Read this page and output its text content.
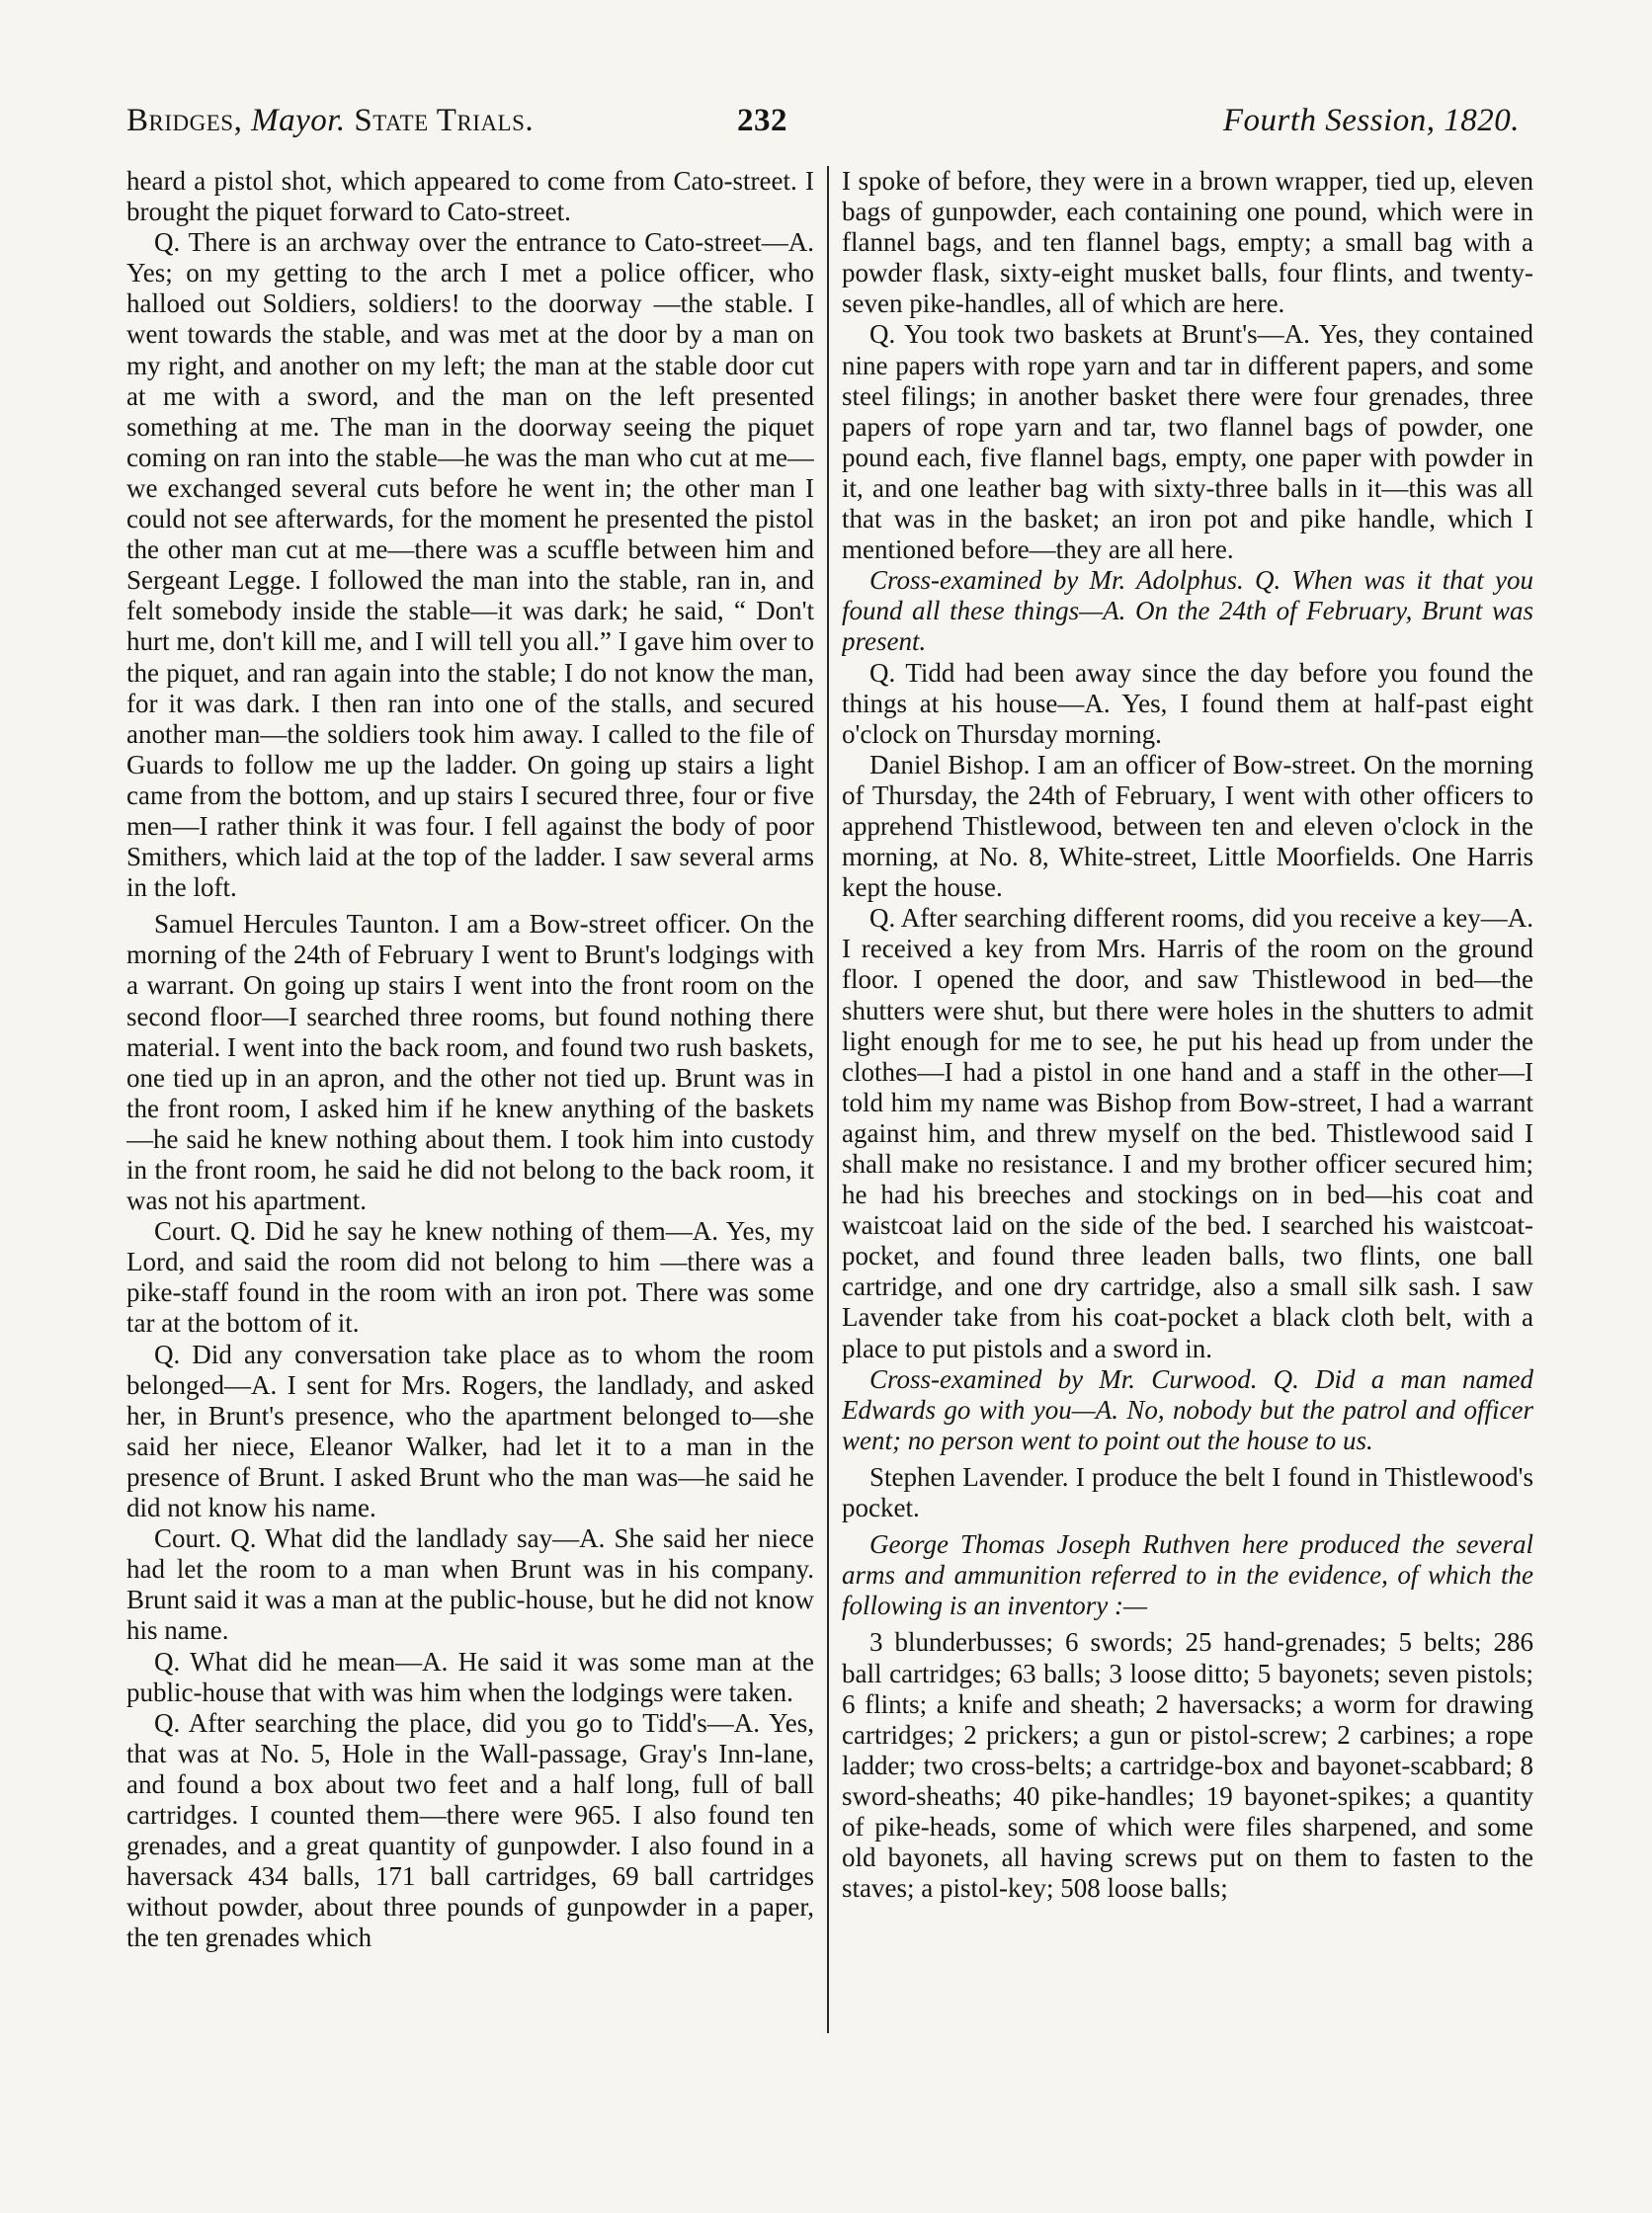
Bridges, Mayor. State Trials.	232	Fourth Session, 1820.

heard a pistol shot, which appeared to come from Cato-street. I brought the piquet forward to Cato-street.

Q. There is an archway over the entrance to Cato-street—A. Yes; on my getting to the arch I met a police officer, who halloed out Soldiers, soldiers! to the doorway —the stable. I went towards the stable, and was met at the door by a man on my right, and another on my left; the man at the stable door cut at me with a sword, and the man on the left presented something at me. The man in the doorway seeing the piquet coming on ran into the stable—he was the man who cut at me—we exchanged several cuts before he went in; the other man I could not see afterwards, for the moment he presented the pistol the other man cut at me—there was a scuffle between him and Sergeant Legge. I followed the man into the stable, ran in, and felt somebody inside the stable—it was dark; he said, “ Don't hurt me, don't kill me, and I will tell you all.” I gave him over to the piquet, and ran again into the stable; I do not know the man, for it was dark. I then ran into one of the stalls, and secured another man—the soldiers took him away. I called to the file of Guards to follow me up the ladder. On going up stairs a light came from the bottom, and up stairs I secured three, four or five men—I rather think it was four. I fell against the body of poor Smithers, which laid at the top of the ladder. I saw several arms in the loft.

Samuel Hercules Taunton. I am a Bow-street officer. On the morning of the 24th of February I went to Brunt's lodgings with a warrant. On going up stairs I went into the front room on the second floor—I searched three rooms, but found nothing there material. I went into the back room, and found two rush baskets, one tied up in an apron, and the other not tied up. Brunt was in the front room, I asked him if he knew anything of the baskets—he said he knew nothing about them. I took him into custody in the front room, he said he did not belong to the back room, it was not his apartment.

Court. Q. Did he say he knew nothing of them—A. Yes, my Lord, and said the room did not belong to him —there was a pike-staff found in the room with an iron pot. There was some tar at the bottom of it.

Q. Did any conversation take place as to whom the room belonged—A. I sent for Mrs. Rogers, the landlady, and asked her, in Brunt's presence, who the apartment belonged to—she said her niece, Eleanor Walker, had let it to a man in the presence of Brunt. I asked Brunt who the man was—he said he did not know his name.

Court. Q. What did the landlady say—A. She said her niece had let the room to a man when Brunt was in his company. Brunt said it was a man at the public-house, but he did not know his name.

Q. What did he mean—A. He said it was some man at the public-house that with was him when the lodgings were taken.

Q. After searching the place, did you go to Tidd's—A. Yes, that was at No. 5, Hole in the Wall-passage, Gray's Inn-lane, and found a box about two feet and a half long, full of ball cartridges. I counted them—there were 965. I also found ten grenades, and a great quantity of gunpowder. I also found in a haversack 434 balls, 171 ball cartridges, 69 ball cartridges without powder, about three pounds of gunpowder in a paper, the ten grenades which

I spoke of before, they were in a brown wrapper, tied up, eleven bags of gunpowder, each containing one pound, which were in flannel bags, and ten flannel bags, empty; a small bag with a powder flask, sixty-eight musket balls, four flints, and twenty-seven pike-handles, all of which are here.

Q. You took two baskets at Brunt's—A. Yes, they contained nine papers with rope yarn and tar in different papers, and some steel filings; in another basket there were four grenades, three papers of rope yarn and tar, two flannel bags of powder, one pound each, five flannel bags, empty, one paper with powder in it, and one leather bag with sixty-three balls in it—this was all that was in the basket; an iron pot and pike handle, which I mentioned before—they are all here.

Cross-examined by Mr. Adolphus. Q. When was it that you found all these things—A. On the 24th of February, Brunt was present.

Q. Tidd had been away since the day before you found the things at his house—A. Yes, I found them at half-past eight o'clock on Thursday morning.

Daniel Bishop. I am an officer of Bow-street. On the morning of Thursday, the 24th of February, I went with other officers to apprehend Thistlewood, between ten and eleven o'clock in the morning, at No. 8, White-street, Little Moorfields. One Harris kept the house.

Q. After searching different rooms, did you receive a key—A. I received a key from Mrs. Harris of the room on the ground floor. I opened the door, and saw Thistlewood in bed—the shutters were shut, but there were holes in the shutters to admit light enough for me to see, he put his head up from under the clothes—I had a pistol in one hand and a staff in the other—I told him my name was Bishop from Bow-street, I had a warrant against him, and threw myself on the bed. Thistlewood said I shall make no resistance. I and my brother officer secured him; he had his breeches and stockings on in bed—his coat and waistcoat laid on the side of the bed. I searched his waistcoat-pocket, and found three leaden balls, two flints, one ball cartridge, and one dry cartridge, also a small silk sash. I saw Lavender take from his coat-pocket a black cloth belt, with a place to put pistols and a sword in.

Cross-examined by Mr. Curwood. Q. Did a man named Edwards go with you—A. No, nobody but the patrol and officer went; no person went to point out the house to us.

Stephen Lavender. I produce the belt I found in Thistlewood's pocket.

George Thomas Joseph Ruthven here produced the several arms and ammunition referred to in the evidence, of which the following is an inventory :—

3 blunderbusses; 6 swords; 25 hand-grenades; 5 belts; 286 ball cartridges; 63 balls; 3 loose ditto; 5 bayonets; seven pistols; 6 flints; a knife and sheath; 2 haversacks; a worm for drawing cartridges; 2 prickers; a gun or pistol-screw; 2 carbines; a rope ladder; two cross-belts; a cartridge-box and bayonet-scabbard; 8 sword-sheaths; 40 pike-handles; 19 bayonet-spikes; a quantity of pike-heads, some of which were files sharpened, and some old bayonets, all having screws put on them to fasten to the staves; a pistol-key; 508 loose balls;
